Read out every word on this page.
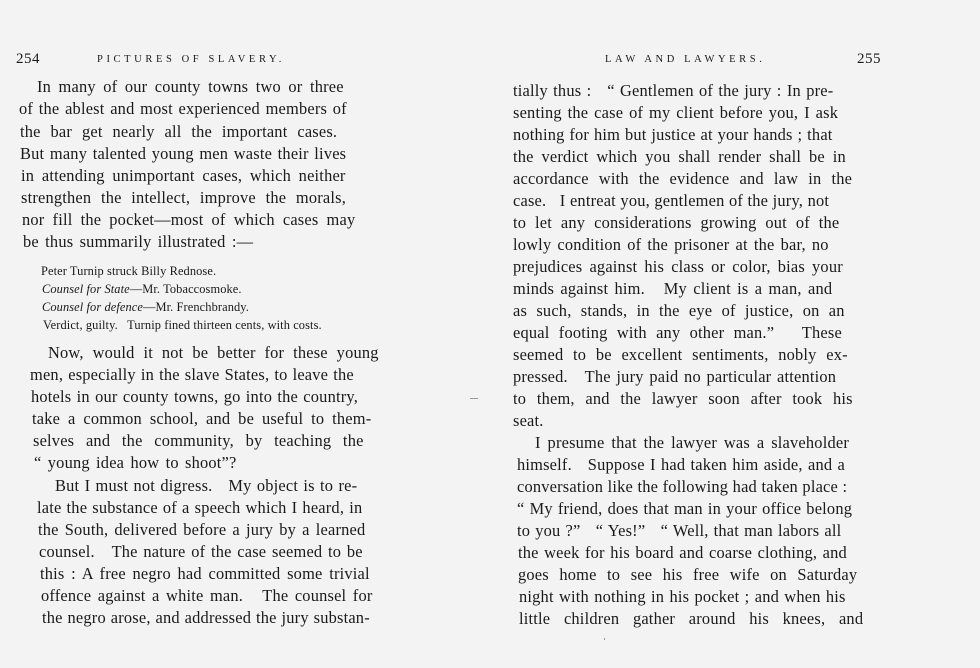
254	PICTURES OF SLAVERY.
In many of our county towns two or three
of the ablest and most experienced members of
the bar get nearly all the important cases.
But many talented young men waste their lives
in attending unimportant cases, which neither
strengthen the intellect, improve the morals,
nor fill the pocket—most of which cases may
be thus summarily illustrated :—
Peter Turnip struck Billy Rednose.
Counsel for State—Mr. Tobaccosmoke.
Counsel for defence—Mr. Frenchbrandy.
Verdict, guilty.   Turnip fined thirteen cents, with costs.
Now, would it not be better for these young
men, especially in the slave States, to leave the
hotels in our county towns, go into the country,
take a common school, and be useful to them-
selves and the community, by teaching the
“ young idea how to shoot”?
But I must not digress.   My object is to re-
late the substance of a speech which I heard, in
the South, delivered before a jury by a learned
counsel.   The nature of the case seemed to be
this : A free negro had committed some trivial
offence against a white man.   The counsel for
the negro arose, and addressed the jury substan-
LAW AND LAWYERS.	255
tially thus :   “ Gentlemen of the jury : In pre-
senting the case of my client before you, I ask
nothing for him but justice at your hands ; that
the verdict which you shall render shall be in
accordance with the evidence and law in the
case.   I entreat you, gentlemen of the jury, not
to let any considerations growing out of the
lowly condition of the prisoner at the bar, no
prejudices against his class or color, bias your
minds against him.   My client is a man, and
as such, stands, in the eye of justice, on an
equal footing with any other man.”   These
seemed to be excellent sentiments, nobly ex-
pressed.   The jury paid no particular attention
to them, and the lawyer soon after took his
seat.
I presume that the lawyer was a slaveholder
himself.   Suppose I had taken him aside, and a
conversation like the following had taken place :
“ My friend, does that man in your office belong
to you ?”   “ Yes!”   “ Well, that man labors all
the week for his board and coarse clothing, and
goes home to see his free wife on Saturday
night with nothing in his pocket ; and when his
little children gather around his knees, and
